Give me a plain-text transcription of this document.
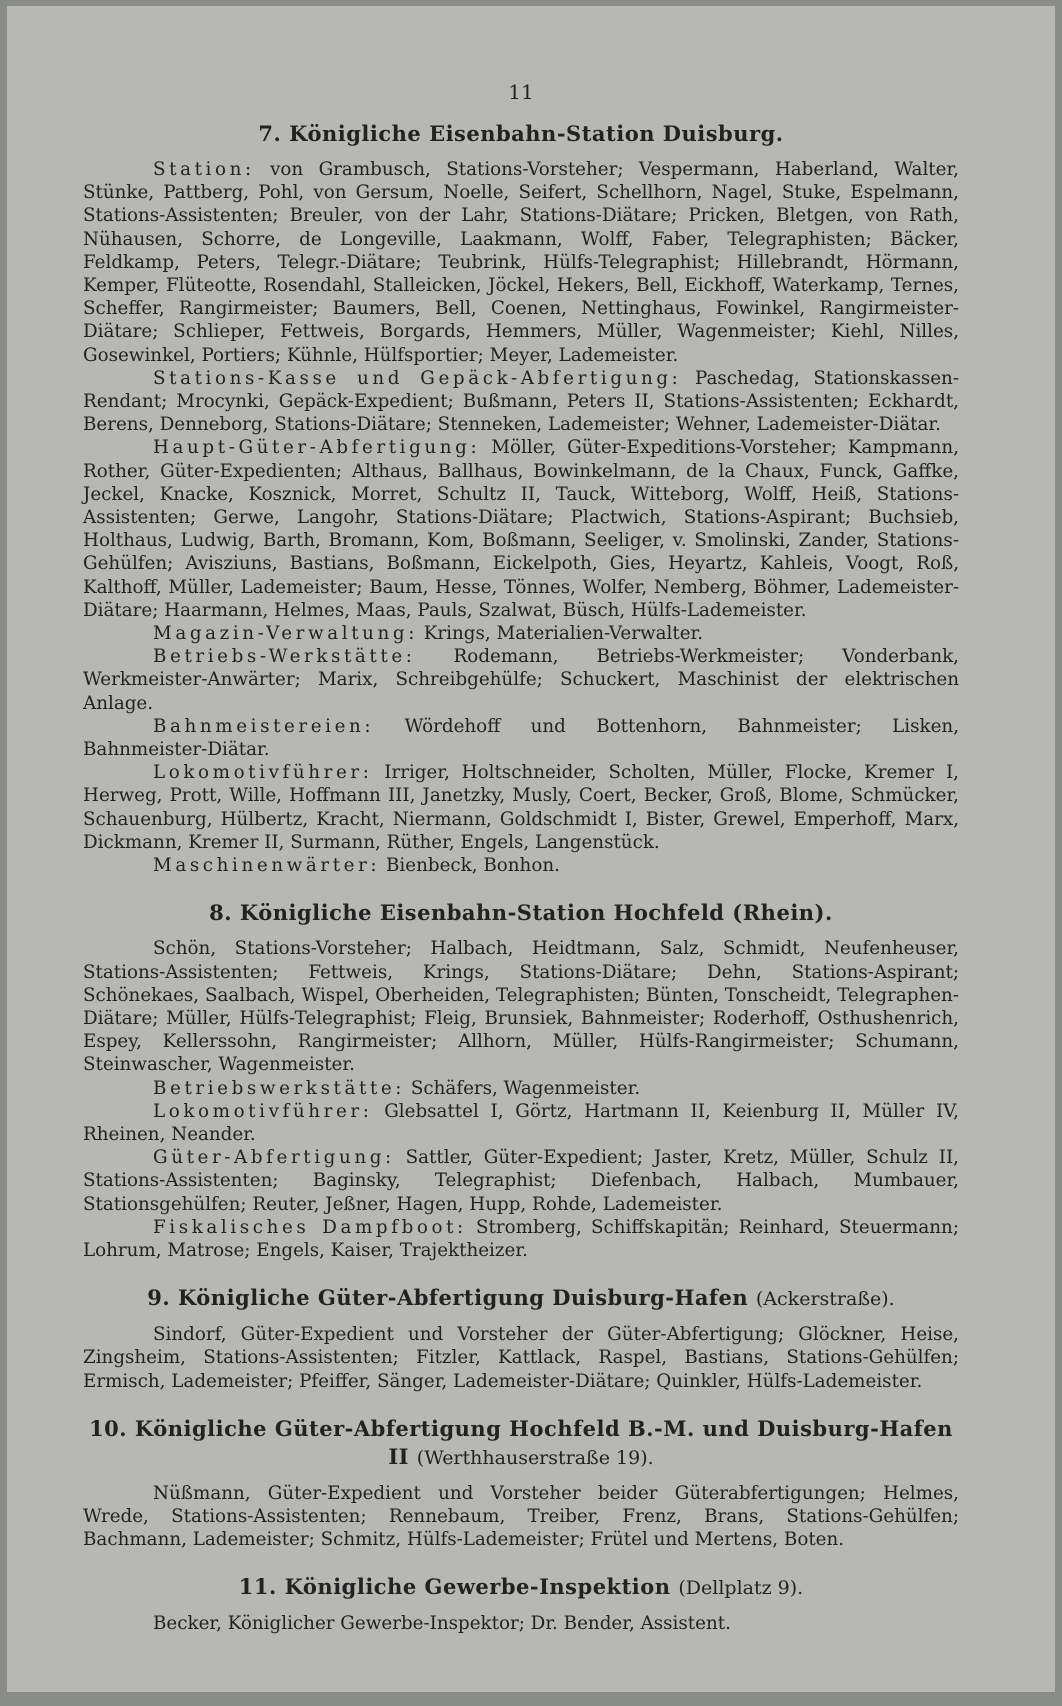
11
7. Königliche Eisenbahn-Station Duisburg.

Station: von Grambusch, Stations-Vorsteher; Vespermann, Haberland, Walter, Stünke, Pattberg, Pohl, von Gersum, Noelle, Seifert, Schellhorn, Nagel, Stuke, Espelmann, Stations-Assistenten; Breuler, von der Lahr, Stations-Diätare; Pricken, Bletgen, von Rath, Nühausen, Schorre, de Longeville, Laakmann, Wolff, Faber, Telegraphisten; Bäcker, Feldkamp, Peters, Telegr.-Diätare; Teubrink, Hülfs-Telegraphist; Hillebrandt, Hörmann, Kemper, Flüteotte, Rosendahl, Stalleicken, Jöckel, Hekers, Bell, Eickhoff, Waterkamp, Ternes, Scheffer, Rangirmeister; Baumers, Bell, Coenen, Nettinghaus, Fowinkel, Rangirmeister-Diätare; Schlieper, Fettweis, Borgards, Hemmers, Müller, Wagenmeister; Kiehl, Nilles, Gosewinkel, Portiers; Kühnle, Hülfsportier; Meyer, Lademeister.

Stations-Kasse und Gepäck-Abfertigung: Paschedag, Stationskassen-Rendant; Mrocynki, Gepäck-Expedient; Bußmann, Peters II, Stations-Assistenten; Eckhardt, Berens, Denneborg, Stations-Diätare; Stenneken, Lademeister; Wehner, Lademeister-Diätar.

Haupt-Güter-Abfertigung: Möller, Güter-Expeditions-Vorsteher; Kampmann, Rother, Güter-Expedienten; Althaus, Ballhaus, Bowinkelmann, de la Chaux, Funck, Gaffke, Jeckel, Knacke, Kosznick, Morret, Schultz II, Tauck, Witteborg, Wolff, Heiß, Stations-Assistenten; Gerwe, Langohr, Stations-Diätare; Plactwich, Stations-Aspirant; Buchsieb, Holthaus, Ludwig, Barth, Bromann, Kom, Boßmann, Seeliger, v. Smolinski, Zander, Stations-Gehülfen; Avisziuns, Bastians, Boßmann, Eickelpoth, Gies, Heyartz, Kahleis, Voogt, Roß, Kalthoff, Müller, Lademeister; Baum, Hesse, Tönnes, Wolfer, Nemberg, Böhmer, Lademeister-Diätare; Haarmann, Helmes, Maas, Pauls, Szalwat, Büsch, Hülfs-Lademeister.

Magazin-Verwaltung: Krings, Materialien-Verwalter.

Betriebs-Werkstätte: Rodemann, Betriebs-Werkmeister; Vonderbank, Werkmeister-Anwärter; Marix, Schreibgehülfe; Schuckert, Maschinist der elektrischen Anlage.

Bahnmeistereien: Wördehoff und Bottenhorn, Bahnmeister; Lisken, Bahnmeister-Diätar.

Lokomotivführer: Irriger, Holtschneider, Scholten, Müller, Flocke, Kremer I, Herweg, Prott, Wille, Hoffmann III, Janetzky, Musly, Coert, Becker, Groß, Blome, Schmücker, Schauenburg, Hülbertz, Kracht, Niermann, Goldschmidt I, Bister, Grewel, Emperhoff, Marx, Dickmann, Kremer II, Surmann, Rüther, Engels, Langenstück.

Maschinenwärter: Bienbeck, Bonhon.

8. Königliche Eisenbahn-Station Hochfeld (Rhein).

Schön, Stations-Vorsteher; Halbach, Heidtmann, Salz, Schmidt, Neufenheuser, Stations-Assistenten; Fettweis, Krings, Stations-Diätare; Dehn, Stations-Aspirant; Schönekaes, Saalbach, Wispel, Oberheiden, Telegraphisten; Bünten, Tonscheidt, Telegraphen-Diätare; Müller, Hülfs-Telegraphist; Fleig, Brunsiek, Bahnmeister; Roderhoff, Osthushenrich, Espey, Kellerssohn, Rangirmeister; Allhorn, Müller, Hülfs-Rangirmeister; Schumann, Steinwascher, Wagenmeister.

Betriebswerkstätte: Schäfers, Wagenmeister.

Lokomotivführer: Glebsattel I, Görtz, Hartmann II, Keienburg II, Müller IV, Rheinen, Neander.

Güter-Abfertigung: Sattler, Güter-Expedient; Jaster, Kretz, Müller, Schulz II, Stations-Assistenten; Baginsky, Telegraphist; Diefenbach, Halbach, Mumbauer, Stationsgehülfen; Reuter, Jeßner, Hagen, Hupp, Rohde, Lademeister.

Fiskalisches Dampfboot: Stromberg, Schiffskapitän; Reinhard, Steuermann; Lohrum, Matrose; Engels, Kaiser, Trajektheizer.

9. Königliche Güter-Abfertigung Duisburg-Hafen (Ackerstraße).

Sindorf, Güter-Expedient und Vorsteher der Güter-Abfertigung; Glöckner, Heise, Zingsheim, Stations-Assistenten; Fitzler, Kattlack, Raspel, Bastians, Stations-Gehülfen; Ermisch, Lademeister; Pfeiffer, Sänger, Lademeister-Diätare; Quinkler, Hülfs-Lademeister.

10. Königliche Güter-Abfertigung Hochfeld B.-M. und Duisburg-Hafen II (Werthhauserstraße 19).

Nüßmann, Güter-Expedient und Vorsteher beider Güterabfertigungen; Helmes, Wrede, Stations-Assistenten; Rennebaum, Treiber, Frenz, Brans, Stations-Gehülfen; Bachmann, Lademeister; Schmitz, Hülfs-Lademeister; Frütel und Mertens, Boten.

11. Königliche Gewerbe-Inspektion (Dellplatz 9).

Becker, Königlicher Gewerbe-Inspektor; Dr. Bender, Assistent.
